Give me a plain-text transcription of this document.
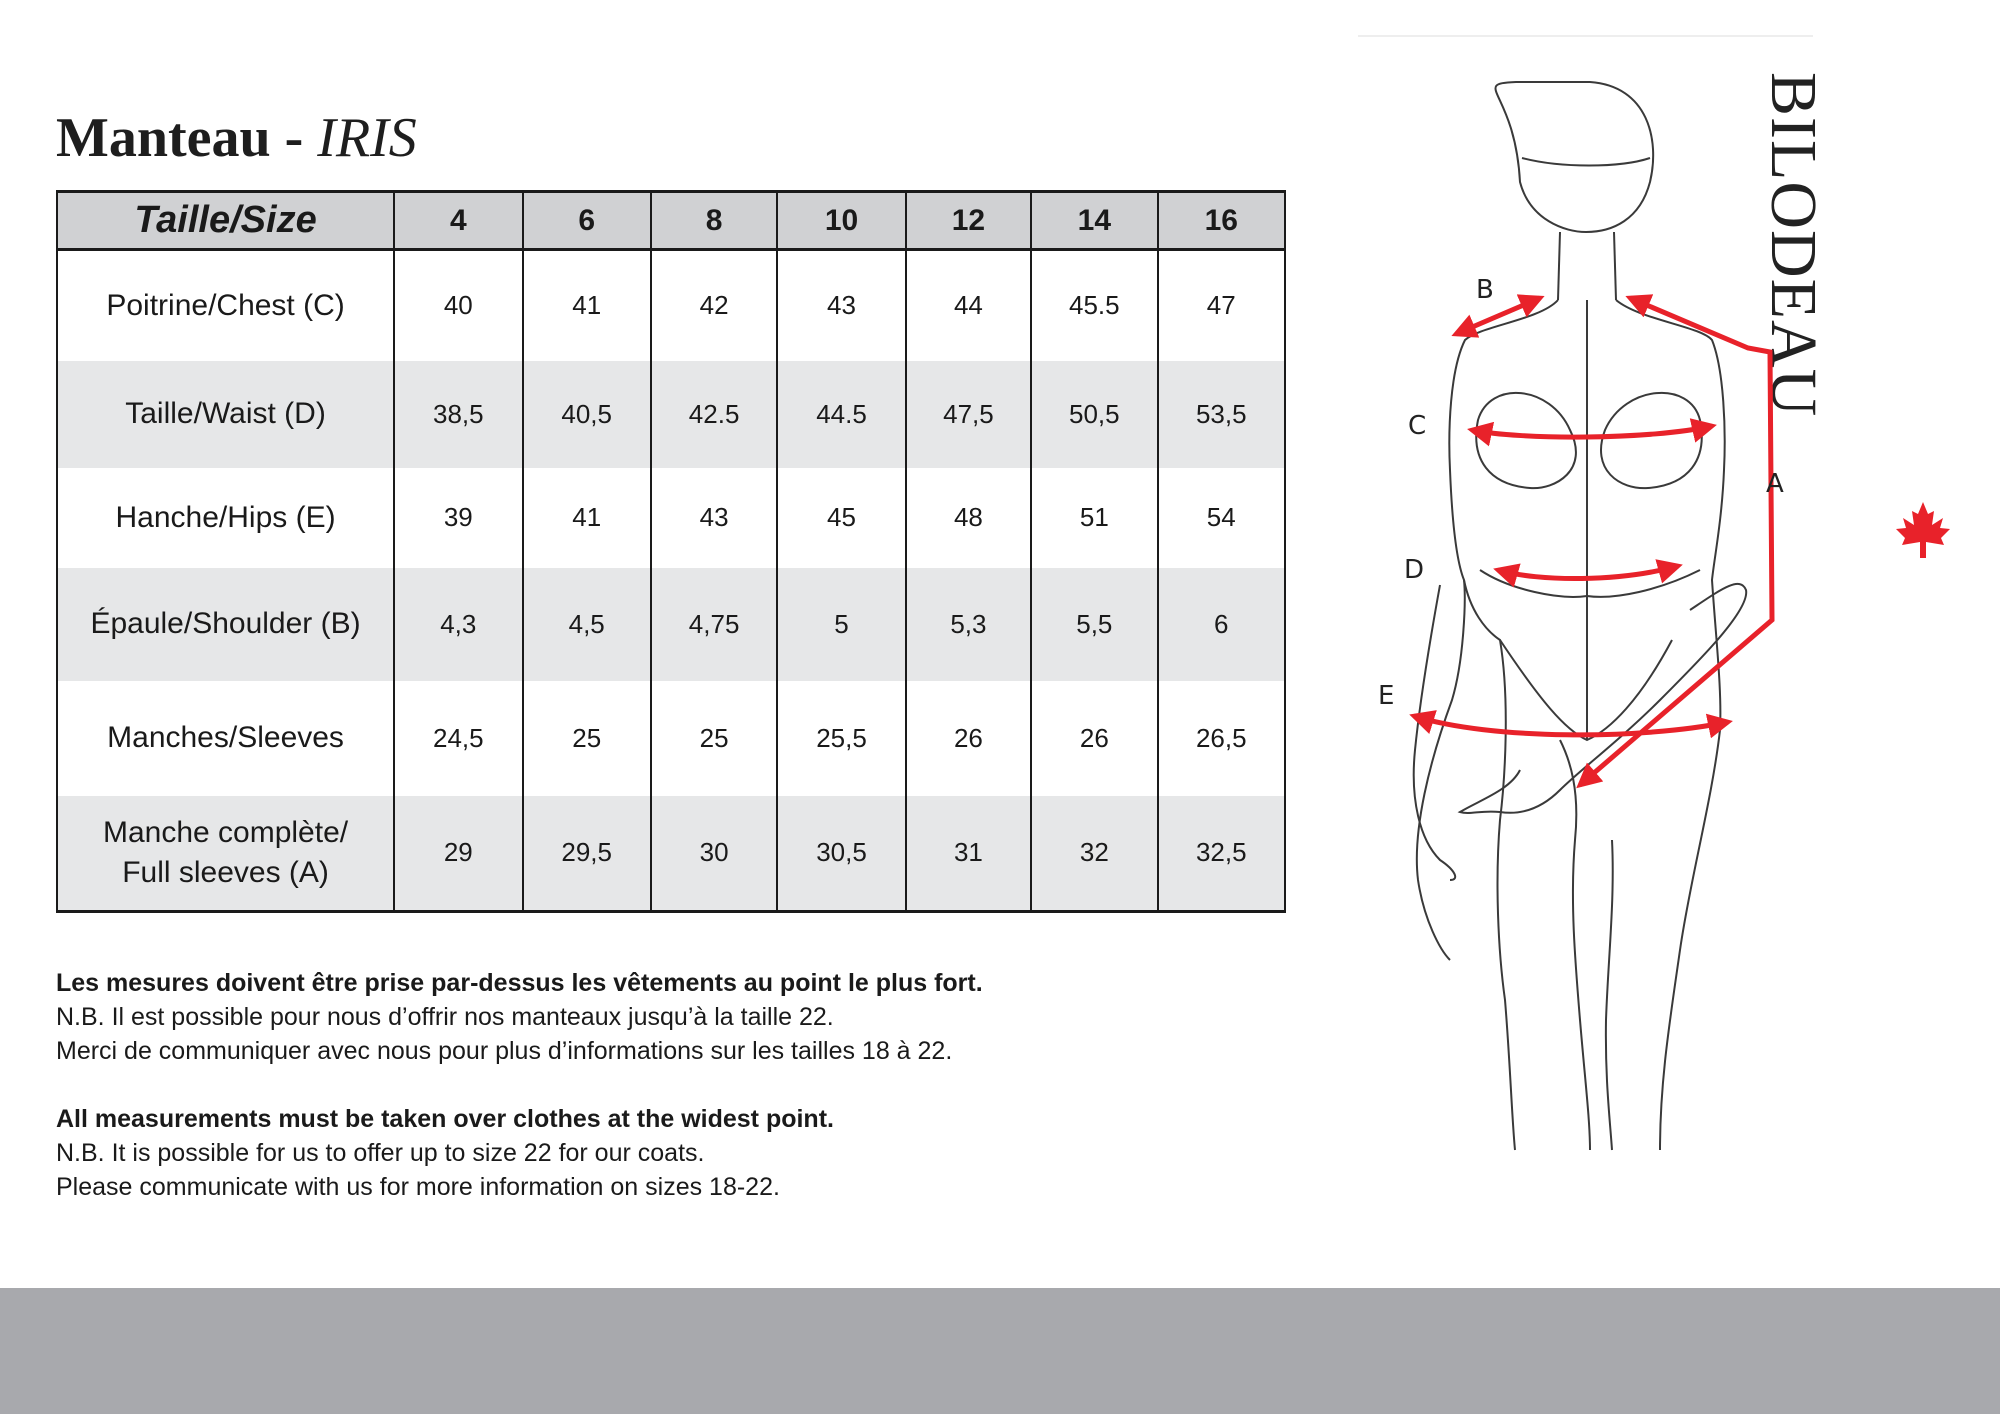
Manteau - IRIS
Taille/Size	4	6	8	10	12	14	16
Poitrine/Chest (C)	40	41	42	43	44	45.5	47
Taille/Waist (D)	38,5	40,5	42.5	44.5	47,5	50,5	53,5
Hanche/Hips (E)	39	41	43	45	48	51	54
Épaule/Shoulder (B)	4,3	4,5	4,75	5	5,3	5,5	6
Manches/Sleeves	24,5	25	25	25,5	26	26	26,5
Manche complète/
Full sleeves (A)	29	29,5	30	30,5	31	32	32,5

Les mesures doivent être prise par-dessus les vêtements au point le plus fort.

N.B. Il est possible pour nous d’offrir nos manteaux jusqu’à la taille 22.

Merci de communiquer avec nous pour plus d’informations sur les tailles 18 à 22.

All measurements must be taken over clothes at the widest point.

N.B. It is possible for us to offer up to size 22 for our coats.

Please communicate with us for more information on sizes 18-22.

BILODEAU
B
C
A
D
E
